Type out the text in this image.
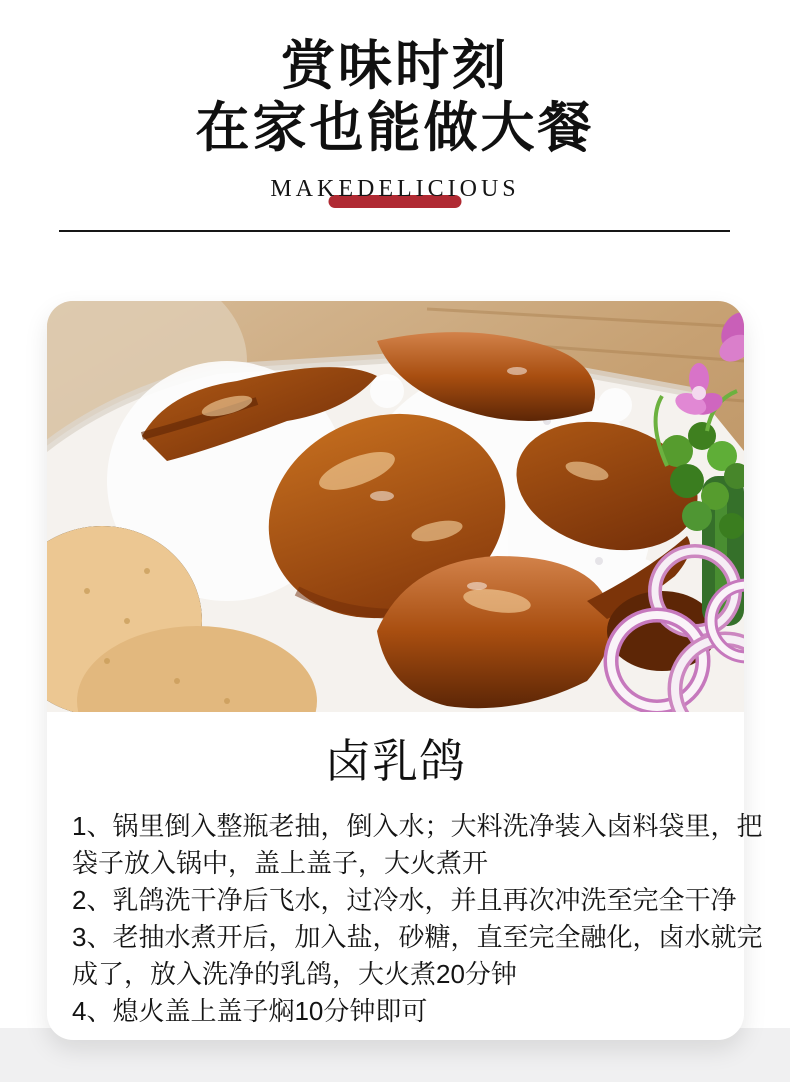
赏味时刻
在家也能做大餐
MAKEDELICIOUS
卤乳鸽
1、锅里倒入整瓶老抽，倒入水；大料洗净装入卤料袋里，把
袋子放入锅中，盖上盖子，大火煮开
2、乳鸽洗干净后飞水，过冷水，并且再次冲洗至完全干净
3、老抽水煮开后，加入盐，砂糖，直至完全融化，卤水就完
成了，放入洗净的乳鸽，大火煮20分钟
4、熄火盖上盖子焖10分钟即可
